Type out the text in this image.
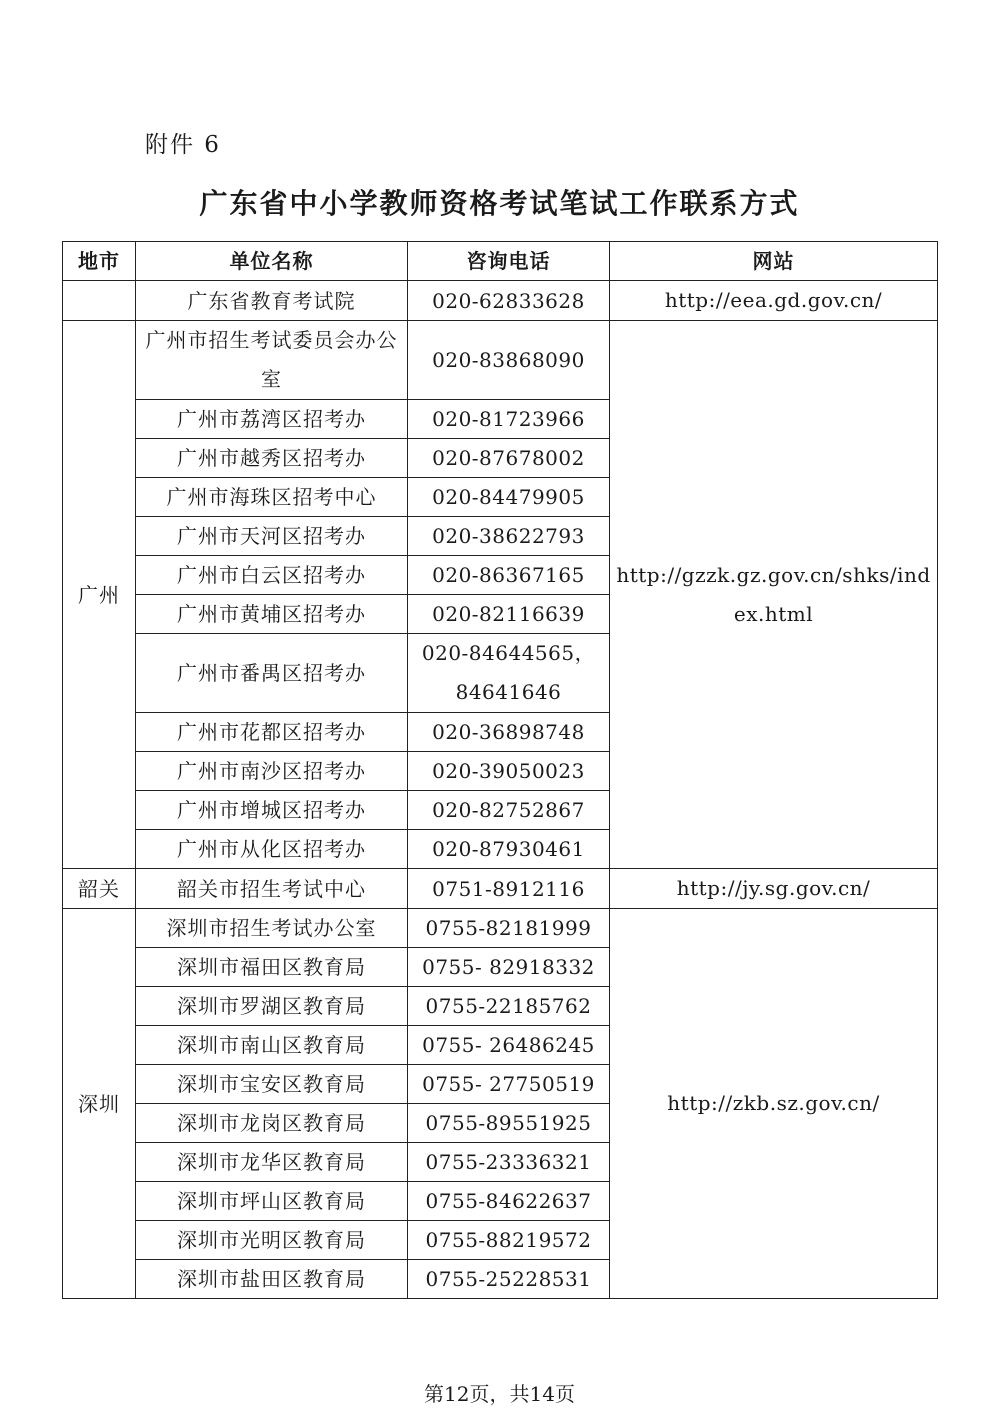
附件 6
广东省中小学教师资格考试笔试工作联系方式
地市	单位名称	咨询电话	网站
	广东省教育考试院	020-62833628	http://eea.gd.gov.cn/
广州	广州市招生考试委员会办公室	020-83868090	http://gzzk.gz.gov.cn/shks/index.html
	广州市荔湾区招考办	020-81723966	
	广州市越秀区招考办	020-87678002	
	广州市海珠区招考中心	020-84479905	
	广州市天河区招考办	020-38622793	
	广州市白云区招考办	020-86367165	
	广州市黄埔区招考办	020-82116639	
	广州市番禺区招考办	020-84644565，84641646	
	广州市花都区招考办	020-36898748	
	广州市南沙区招考办	020-39050023	
	广州市增城区招考办	020-82752867	
	广州市从化区招考办	020-87930461	
韶关	韶关市招生考试中心	0751-8912116	http://jy.sg.gov.cn/
深圳	深圳市招生考试办公室	0755-82181999	http://zkb.sz.gov.cn/
	深圳市福田区教育局	0755- 82918332	
	深圳市罗湖区教育局	0755-22185762	
	深圳市南山区教育局	0755- 26486245	
	深圳市宝安区教育局	0755- 27750519	
	深圳市龙岗区教育局	0755-89551925	
	深圳市龙华区教育局	0755-23336321	
	深圳市坪山区教育局	0755-84622637	
	深圳市光明区教育局	0755-88219572	
	深圳市盐田区教育局	0755-25228531	
第12页，共14页
